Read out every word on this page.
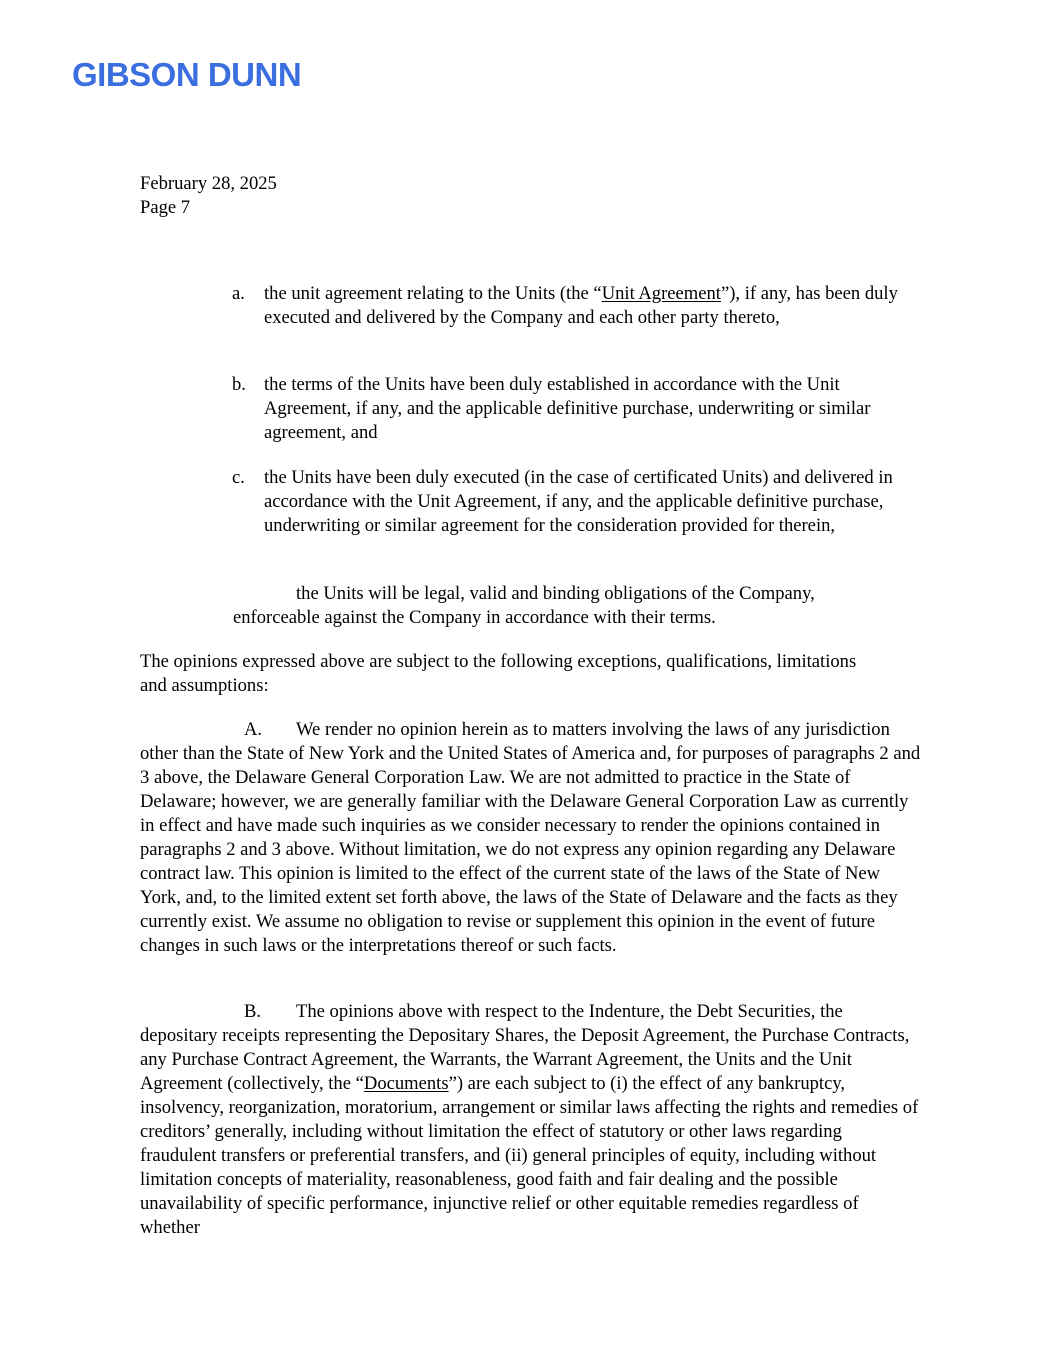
GIBSON DUNN
February 28, 2025
Page 7
a. the unit agreement relating to the Units (the “Unit Agreement”), if any, has been duly executed and delivered by the Company and each other party thereto,
b. the terms of the Units have been duly established in accordance with the Unit Agreement, if any, and the applicable definitive purchase, underwriting or similar agreement, and
c. the Units have been duly executed (in the case of certificated Units) and delivered in accordance with the Unit Agreement, if any, and the applicable definitive purchase, underwriting or similar agreement for the consideration provided for therein,
the Units will be legal, valid and binding obligations of the Company,
enforceable against the Company in accordance with their terms.
The opinions expressed above are subject to the following exceptions, qualifications, limitations and assumptions:
A. We render no opinion herein as to matters involving the laws of any jurisdiction other than the State of New York and the United States of America and, for purposes of paragraphs 2 and 3 above, the Delaware General Corporation Law. We are not admitted to practice in the State of Delaware; however, we are generally familiar with the Delaware General Corporation Law as currently in effect and have made such inquiries as we consider necessary to render the opinions contained in paragraphs 2 and 3 above. Without limitation, we do not express any opinion regarding any Delaware contract law. This opinion is limited to the effect of the current state of the laws of the State of New York, and, to the limited extent set forth above, the laws of the State of Delaware and the facts as they currently exist. We assume no obligation to revise or supplement this opinion in the event of future changes in such laws or the interpretations thereof or such facts.
B. The opinions above with respect to the Indenture, the Debt Securities, the depositary receipts representing the Depositary Shares, the Deposit Agreement, the Purchase Contracts, any Purchase Contract Agreement, the Warrants, the Warrant Agreement, the Units and the Unit Agreement (collectively, the “Documents”) are each subject to (i) the effect of any bankruptcy, insolvency, reorganization, moratorium, arrangement or similar laws affecting the rights and remedies of creditors’ generally, including without limitation the effect of statutory or other laws regarding fraudulent transfers or preferential transfers, and (ii) general principles of equity, including without limitation concepts of materiality, reasonableness, good faith and fair dealing and the possible unavailability of specific performance, injunctive relief or other equitable remedies regardless of whether
